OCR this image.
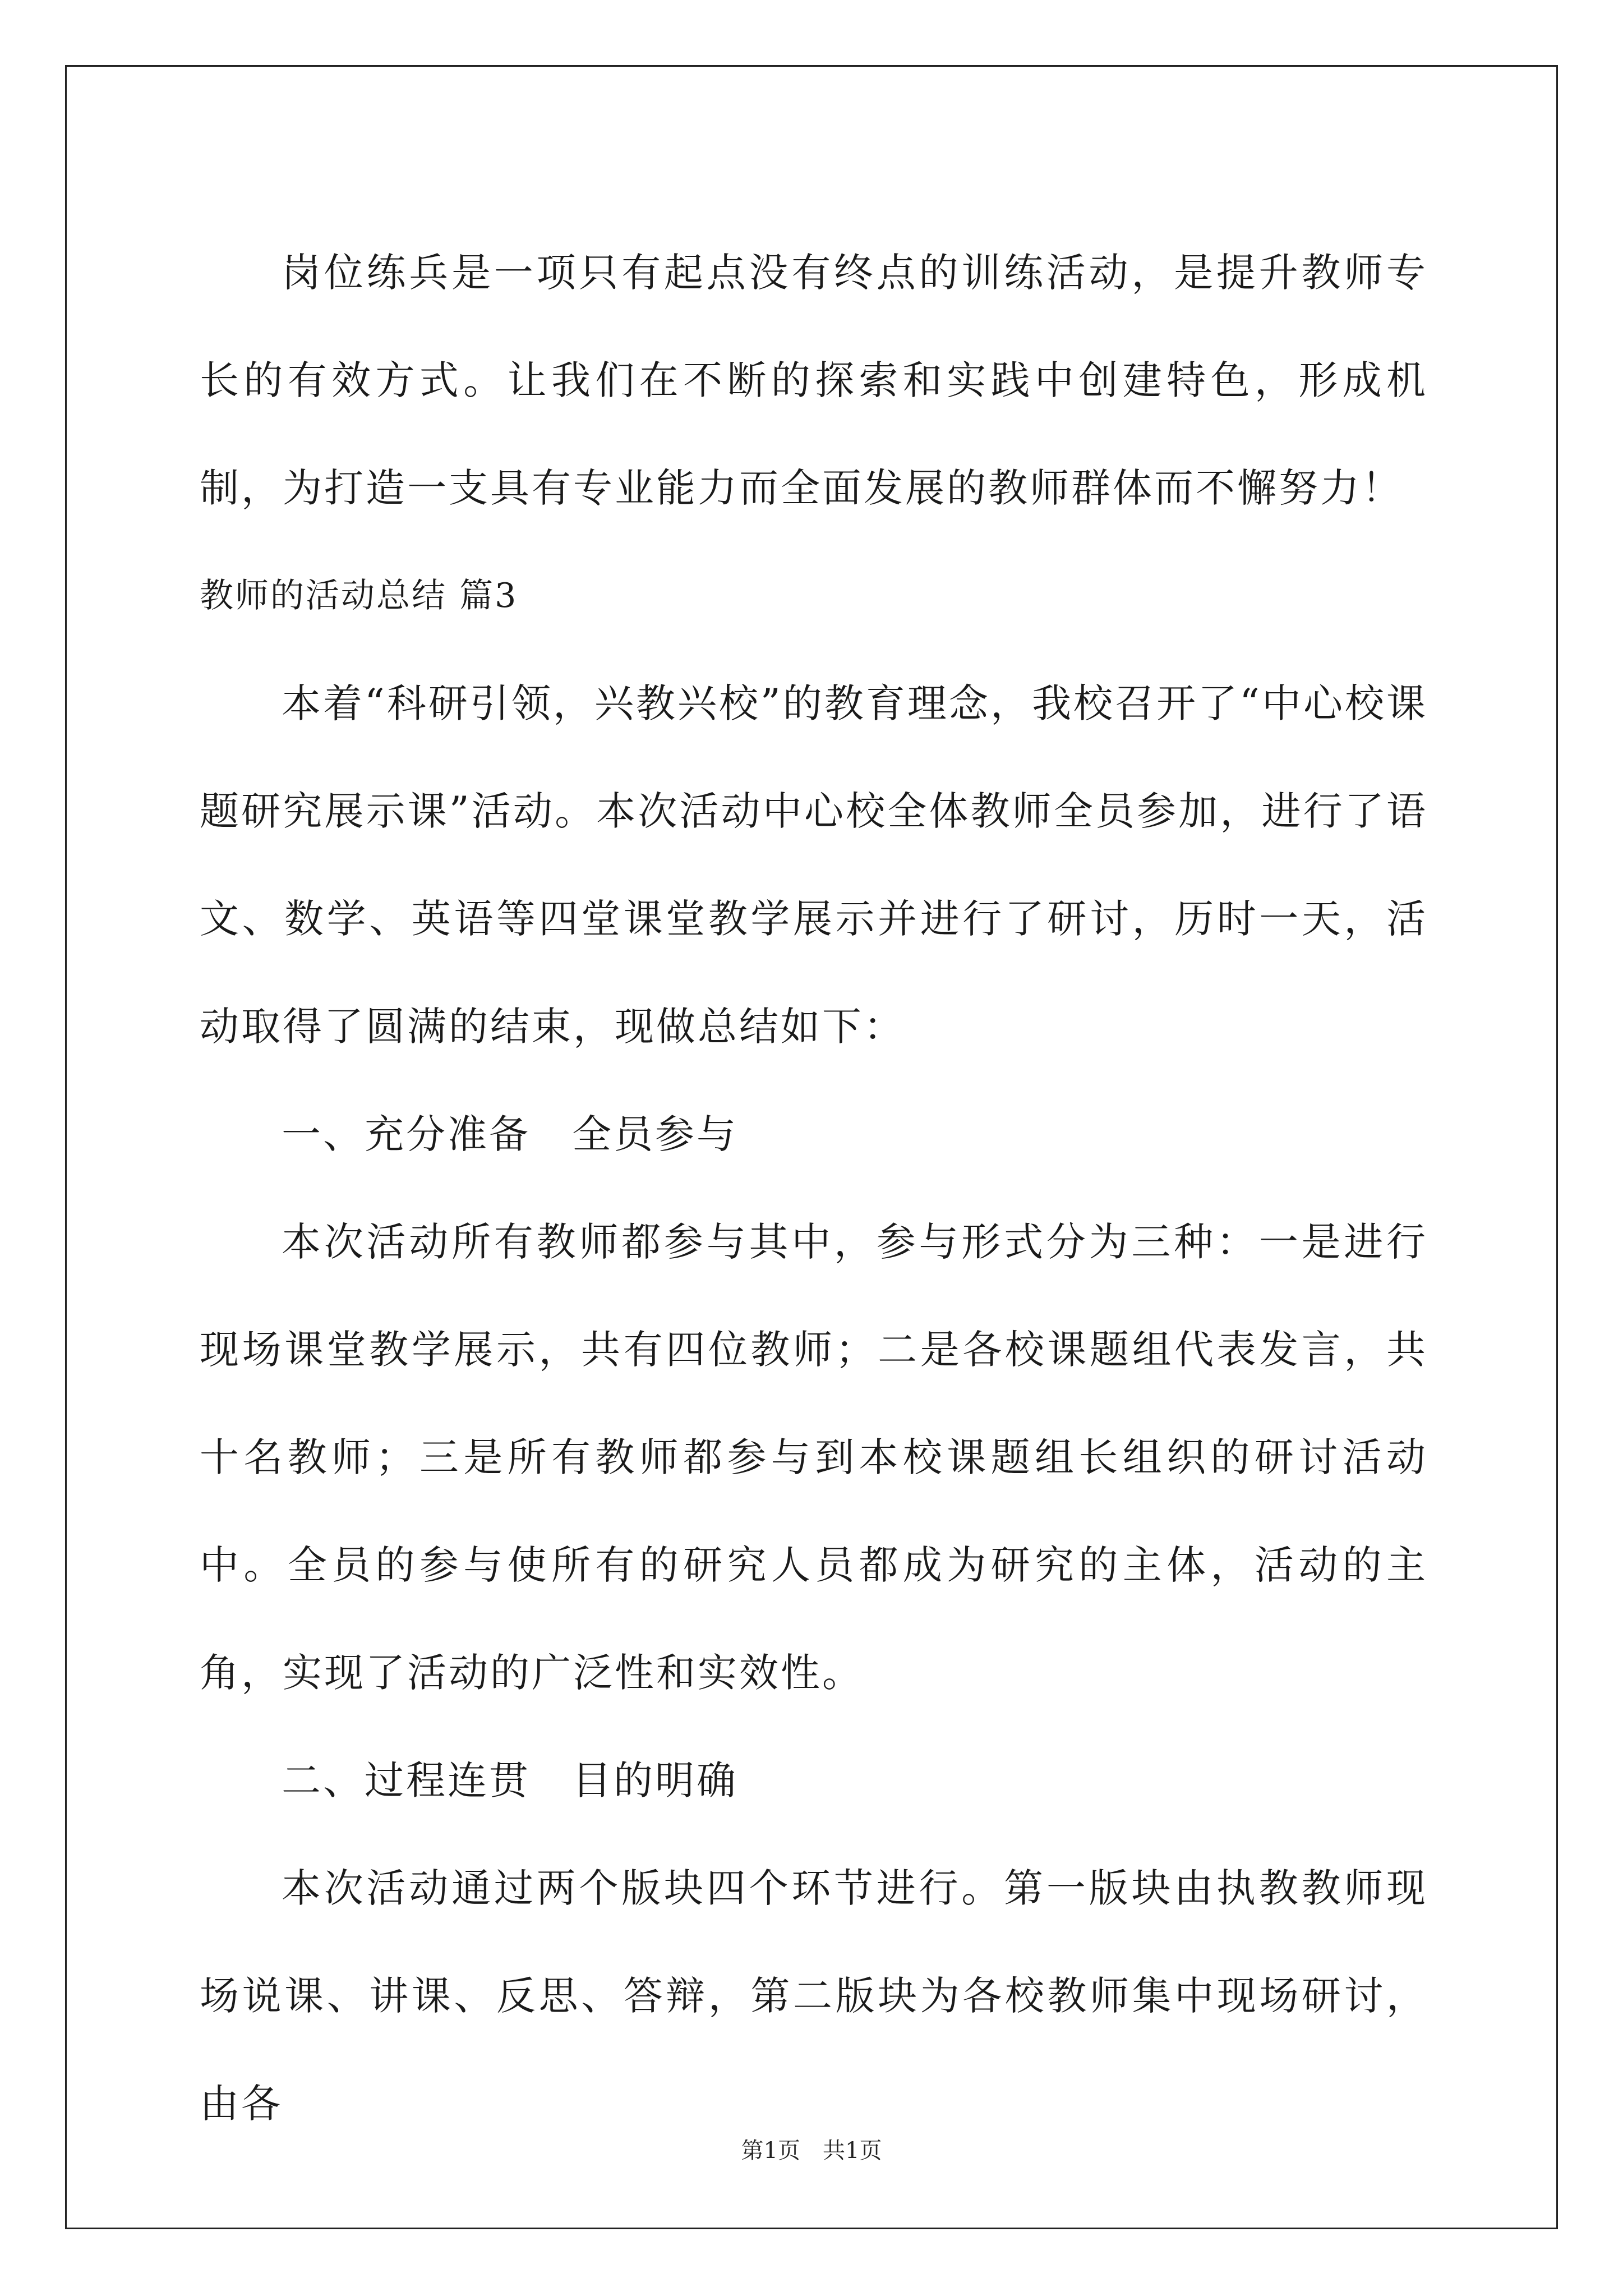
岗位练兵是一项只有起点没有终点的训练活动，是提升教师专长的有效方式。让我们在不断的探索和实践中创建特色，形成机制，为打造一支具有专业能力而全面发展的教师群体而不懈努力！

教师的活动总结 篇3

本着“科研引领，兴教兴校”的教育理念，我校召开了“中心校课题研究展示课”活动。本次活动中心校全体教师全员参加，进行了语文、数学、英语等四堂课堂教学展示并进行了研讨，历时一天，活动取得了圆满的结束，现做总结如下：

一、充分准备　全员参与

本次活动所有教师都参与其中，参与形式分为三种：一是进行现场课堂教学展示，共有四位教师；二是各校课题组代表发言，共十名教师；三是所有教师都参与到本校课题组长组织的研讨活动中。全员的参与使所有的研究人员都成为研究的主体，活动的主角，实现了活动的广泛性和实效性。

二、过程连贯　目的明确

本次活动通过两个版块四个环节进行。第一版块由执教教师现场说课、讲课、反思、答辩，第二版块为各校教师集中现场研讨，由各

第1页 共1页
